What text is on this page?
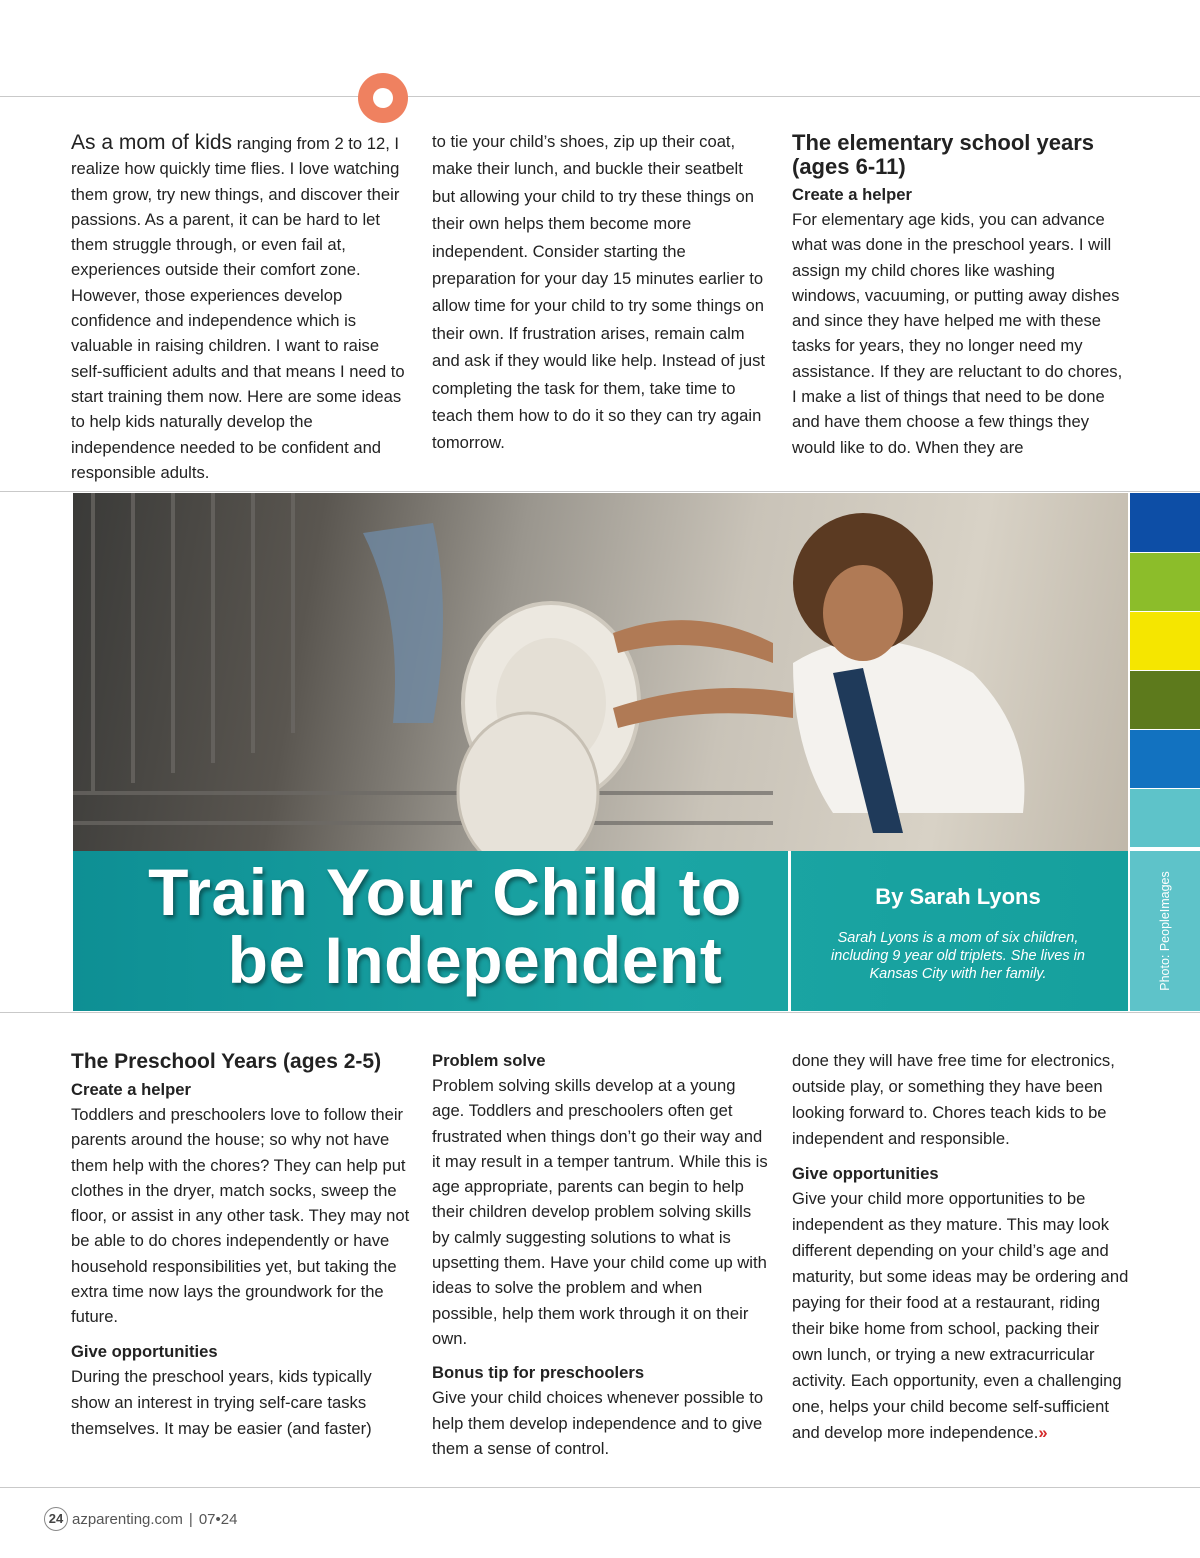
As a mom of kids ranging from 2 to 12, I realize how quickly time flies. I love watching them grow, try new things, and discover their passions. As a parent, it can be hard to let them struggle through, or even fail at, experiences outside their comfort zone. However, those experiences develop confidence and independence which is valuable in raising children. I want to raise self-sufficient adults and that means I need to start training them now. Here are some ideas to help kids naturally develop the independence needed to be confident and responsible adults.

to tie your child’s shoes, zip up their coat, make their lunch, and buckle their seatbelt but allowing your child to try these things on their own helps them become more independent. Consider starting the preparation for your day 15 minutes earlier to allow time for your child to try some things on their own. If frustration arises, remain calm and ask if they would like help. Instead of just completing the task for them, take time to teach them how to do it so they can try again tomorrow.

The elementary school years (ages 6-11)

Create a helper

For elementary age kids, you can advance what was done in the preschool years. I will assign my child chores like washing windows, vacuuming, or putting away dishes and since they have helped me with these tasks for years, they no longer need my assistance. If they are reluctant to do chores, I make a list of things that need to be done and have them choose a few things they would like to do. When they are

Train Your Child to
be Independent
By Sarah Lyons
Sarah Lyons is a mom of six children, including 9 year old triplets. She lives in Kansas City with her family.	Photo: PeopleImages
The Preschool Years (ages 2-5)

Create a helper

Toddlers and preschoolers love to follow their parents around the house; so why not have them help with the chores? They can help put clothes in the dryer, match socks, sweep the floor, or assist in any other task. They may not be able to do chores independently or have household responsibilities yet, but taking the extra time now lays the groundwork for the future.

Give opportunities

During the preschool years, kids typically show an interest in trying self-care tasks themselves. It may be easier (and faster)

Problem solve

Problem solving skills develop at a young age. Toddlers and preschoolers often get frustrated when things don’t go their way and it may result in a temper tantrum. While this is age appropriate, parents can begin to help their children develop problem solving skills by calmly suggesting solutions to what is upsetting them. Have your child come up with ideas to solve the problem and when possible, help them work through it on their own.

Bonus tip for preschoolers

Give your child choices whenever possible to help them develop independence and to give them a sense of control.

done they will have free time for electronics, outside play, or something they have been looking forward to. Chores teach kids to be independent and responsible.

Give opportunities

Give your child more opportunities to be independent as they mature. This may look different depending on your child’s age and maturity, but some ideas may be ordering and paying for their food at a restaurant, riding their bike home from school, packing their own lunch, or trying a new extracurricular activity. Each opportunity, even a challenging one, helps your child become self-sufficient and develop more independence.»

24 azparenting.com | 07•24
